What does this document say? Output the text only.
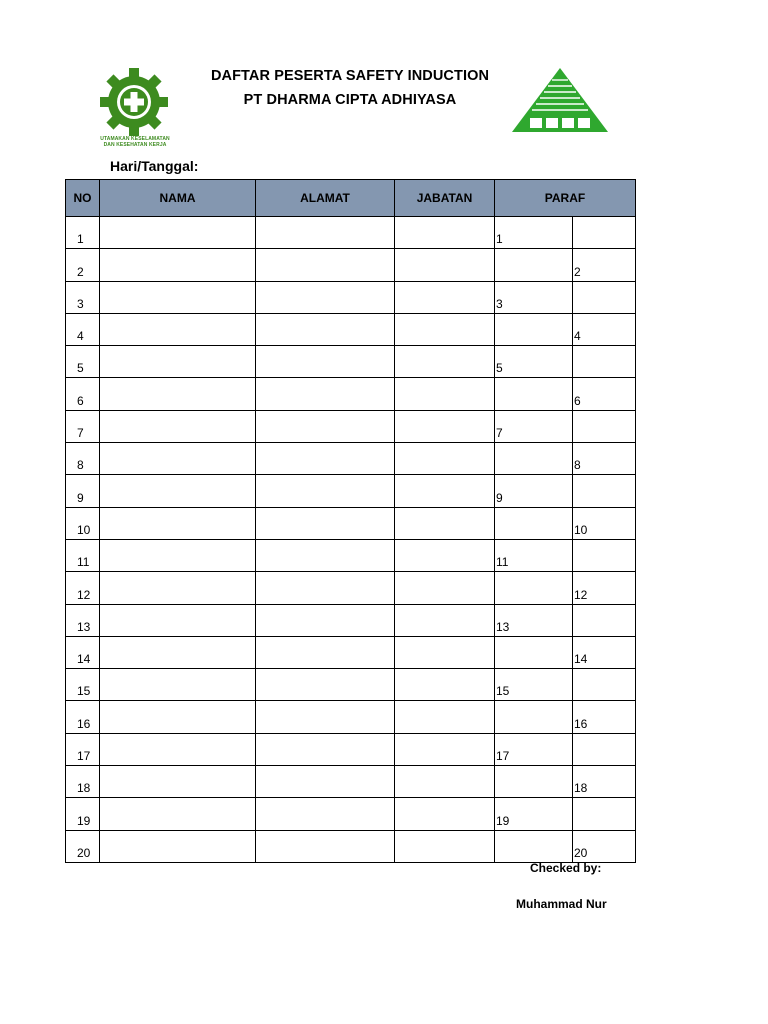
UTAMAKAN KESELAMATAN DAN KESEHATAN KERJA
DAFTAR PESERTA SAFETY INDUCTION
PT DHARMA CIPTA ADHIYASA
Hari/Tanggal:
NO	NAMA	ALAMAT	JABATAN	PARAF	
1				1	
2					2
3				3	
4					4
5				5	
6					6
7				7	
8					8
9				9	
10					10
11				11	
12					12
13				13	
14					14
15				15	
16					16
17				17	
18					18
19				19	
20					20
Checked by:
Muhammad Nur
